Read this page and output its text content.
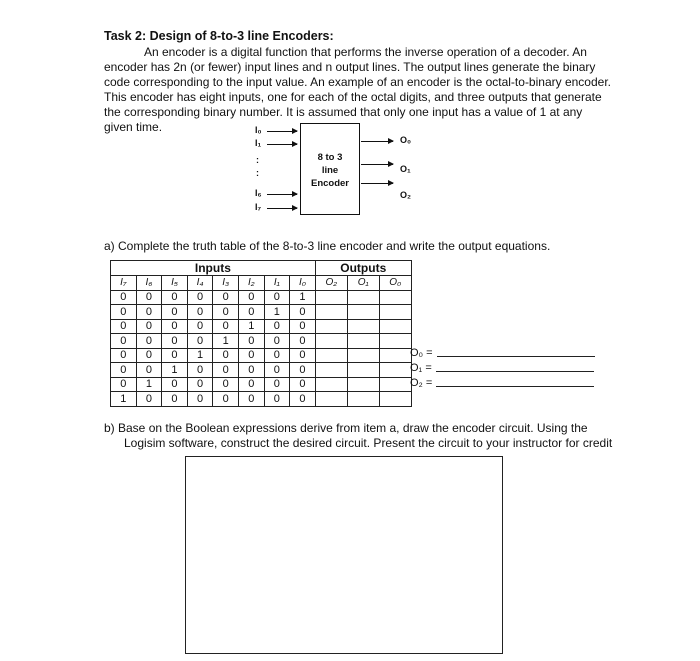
Task 2: Design of 8-to-3 line Encoders:

An encoder is a digital function that performs the inverse operation of a decoder. An

encoder has 2n (or fewer) input lines and n output lines. The output lines generate the binary

code corresponding to the input value. An example of an encoder is the octal-to-binary encoder.

This encoder has eight inputs, one for each of the octal digits, and three outputs that generate

the corresponding binary number. It is assumed that only one input has a value of 1 at any

given time.	I₀
I₁
:
:
I₆
I₇
8 to 3
line
Encoder
O₀
O₁
O₂
a) Complete the truth table of the 8-to-3 line encoder and write the output equations.
Inputs								Outputs		
I₇	I₆	I₅	I₄	I₃	I₂	I₁	I₀	O₂	O₁	O₀
0	0	0	0	0	0	0	1			
0	0	0	0	0	0	1	0			
0	0	0	0	0	1	0	0			
0	0	0	0	1	0	0	0			
0	0	0	1	0	0	0	0			
0	0	1	0	0	0	0	0			
0	1	0	0	0	0	0	0			
1	0	0	0	0	0	0	0			
O₀ =
O₁ =
O₂ =
b) Base on the Boolean expressions derive from item a, draw the encoder circuit. Using the
Logisim software, construct the desired circuit. Present the circuit to your instructor for credit
